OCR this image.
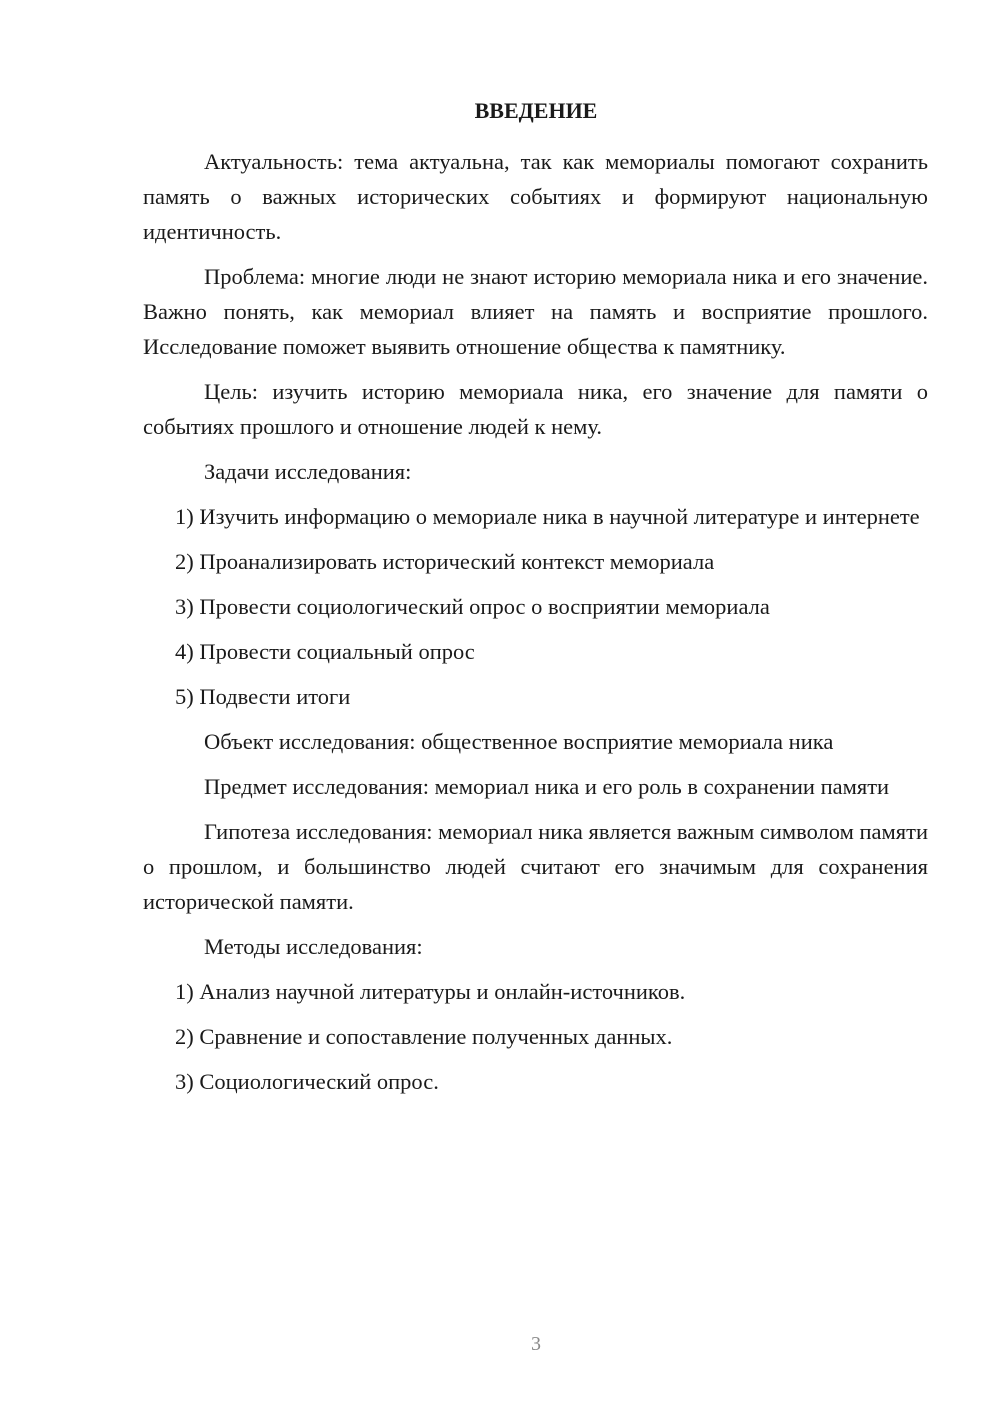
ВВЕДЕНИЕ

Актуальность: тема актуальна, так как мемориалы помогают сохранить память о важных исторических событиях и формируют национальную идентичность.

Проблема: многие люди не знают историю мемориала ника и его значение. Важно понять, как мемориал влияет на память и восприятие прошлого. Исследование поможет выявить отношение общества к памятнику.

Цель: изучить историю мемориала ника, его значение для памяти о событиях прошлого и отношение людей к нему.

Задачи исследования:

1) Изучить информацию о мемориале ника в научной литературе и интернете

2) Проанализировать исторический контекст мемориала

3) Провести социологический опрос о восприятии мемориала

4) Провести социальный опрос

5) Подвести итоги

Объект исследования: общественное восприятие мемориала ника

Предмет исследования: мемориал ника и его роль в сохранении памяти

Гипотеза исследования: мемориал ника является важным символом памяти о прошлом, и большинство людей считают его значимым для сохранения исторической памяти.

Методы исследования:

1) Анализ научной литературы и онлайн-источников.

2) Сравнение и сопоставление полученных данных.

3) Социологический опрос.

3
